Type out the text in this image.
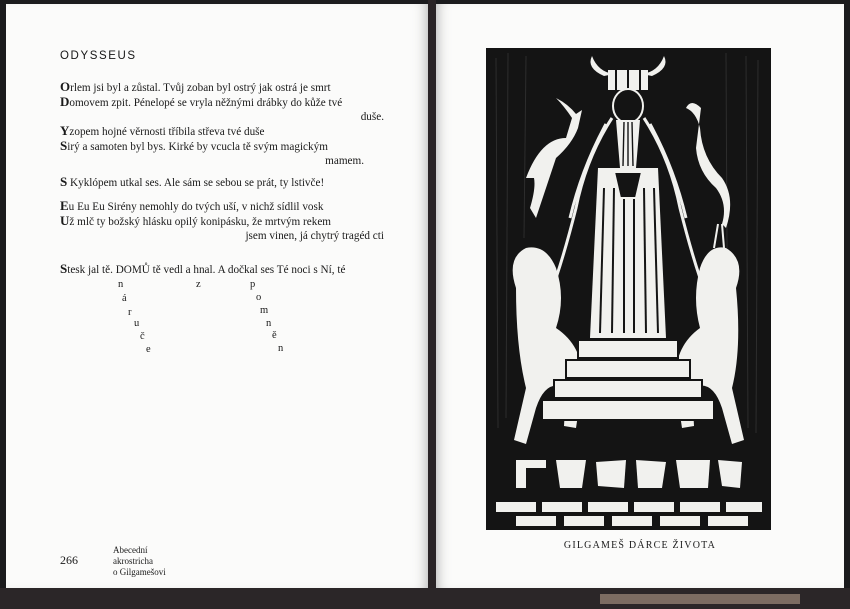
ODYSSEUS
Orlem jsi byl a zůstal. Tvůj zoban byl ostrý jak ostrá je smrt
Domovem zpit. Pénelopé se vryla něžnými drábky do kůže tvé
duše.
Yzopem hojné věrnosti tříbila střeva tvé duše
Sirý a samoten byl bys. Kirké by vcucla tě svým magickým
mamem.
S Kyklópem utkal ses. Ale sám se sebou se prát, ty lstivče!
Eu Eu Eu Sirény nemohly do tvých uší, v nichž sídlil vosk
Už mlč ty božský hlásku opilý konipásku, že mrtvým rekem
jsem vinen, já chytrý tragéd cti
Stesk jal tě. DOMŮ tě vedl a hnal. A dočkal ses Té noci s Ní, té
n
á
r
u
č
e
z	p
o
m
n
ě
n
266
Abecední
akrostricha
o Gilgamešovi
GILGAMEŠ DÁRCE ŽIVOTA
